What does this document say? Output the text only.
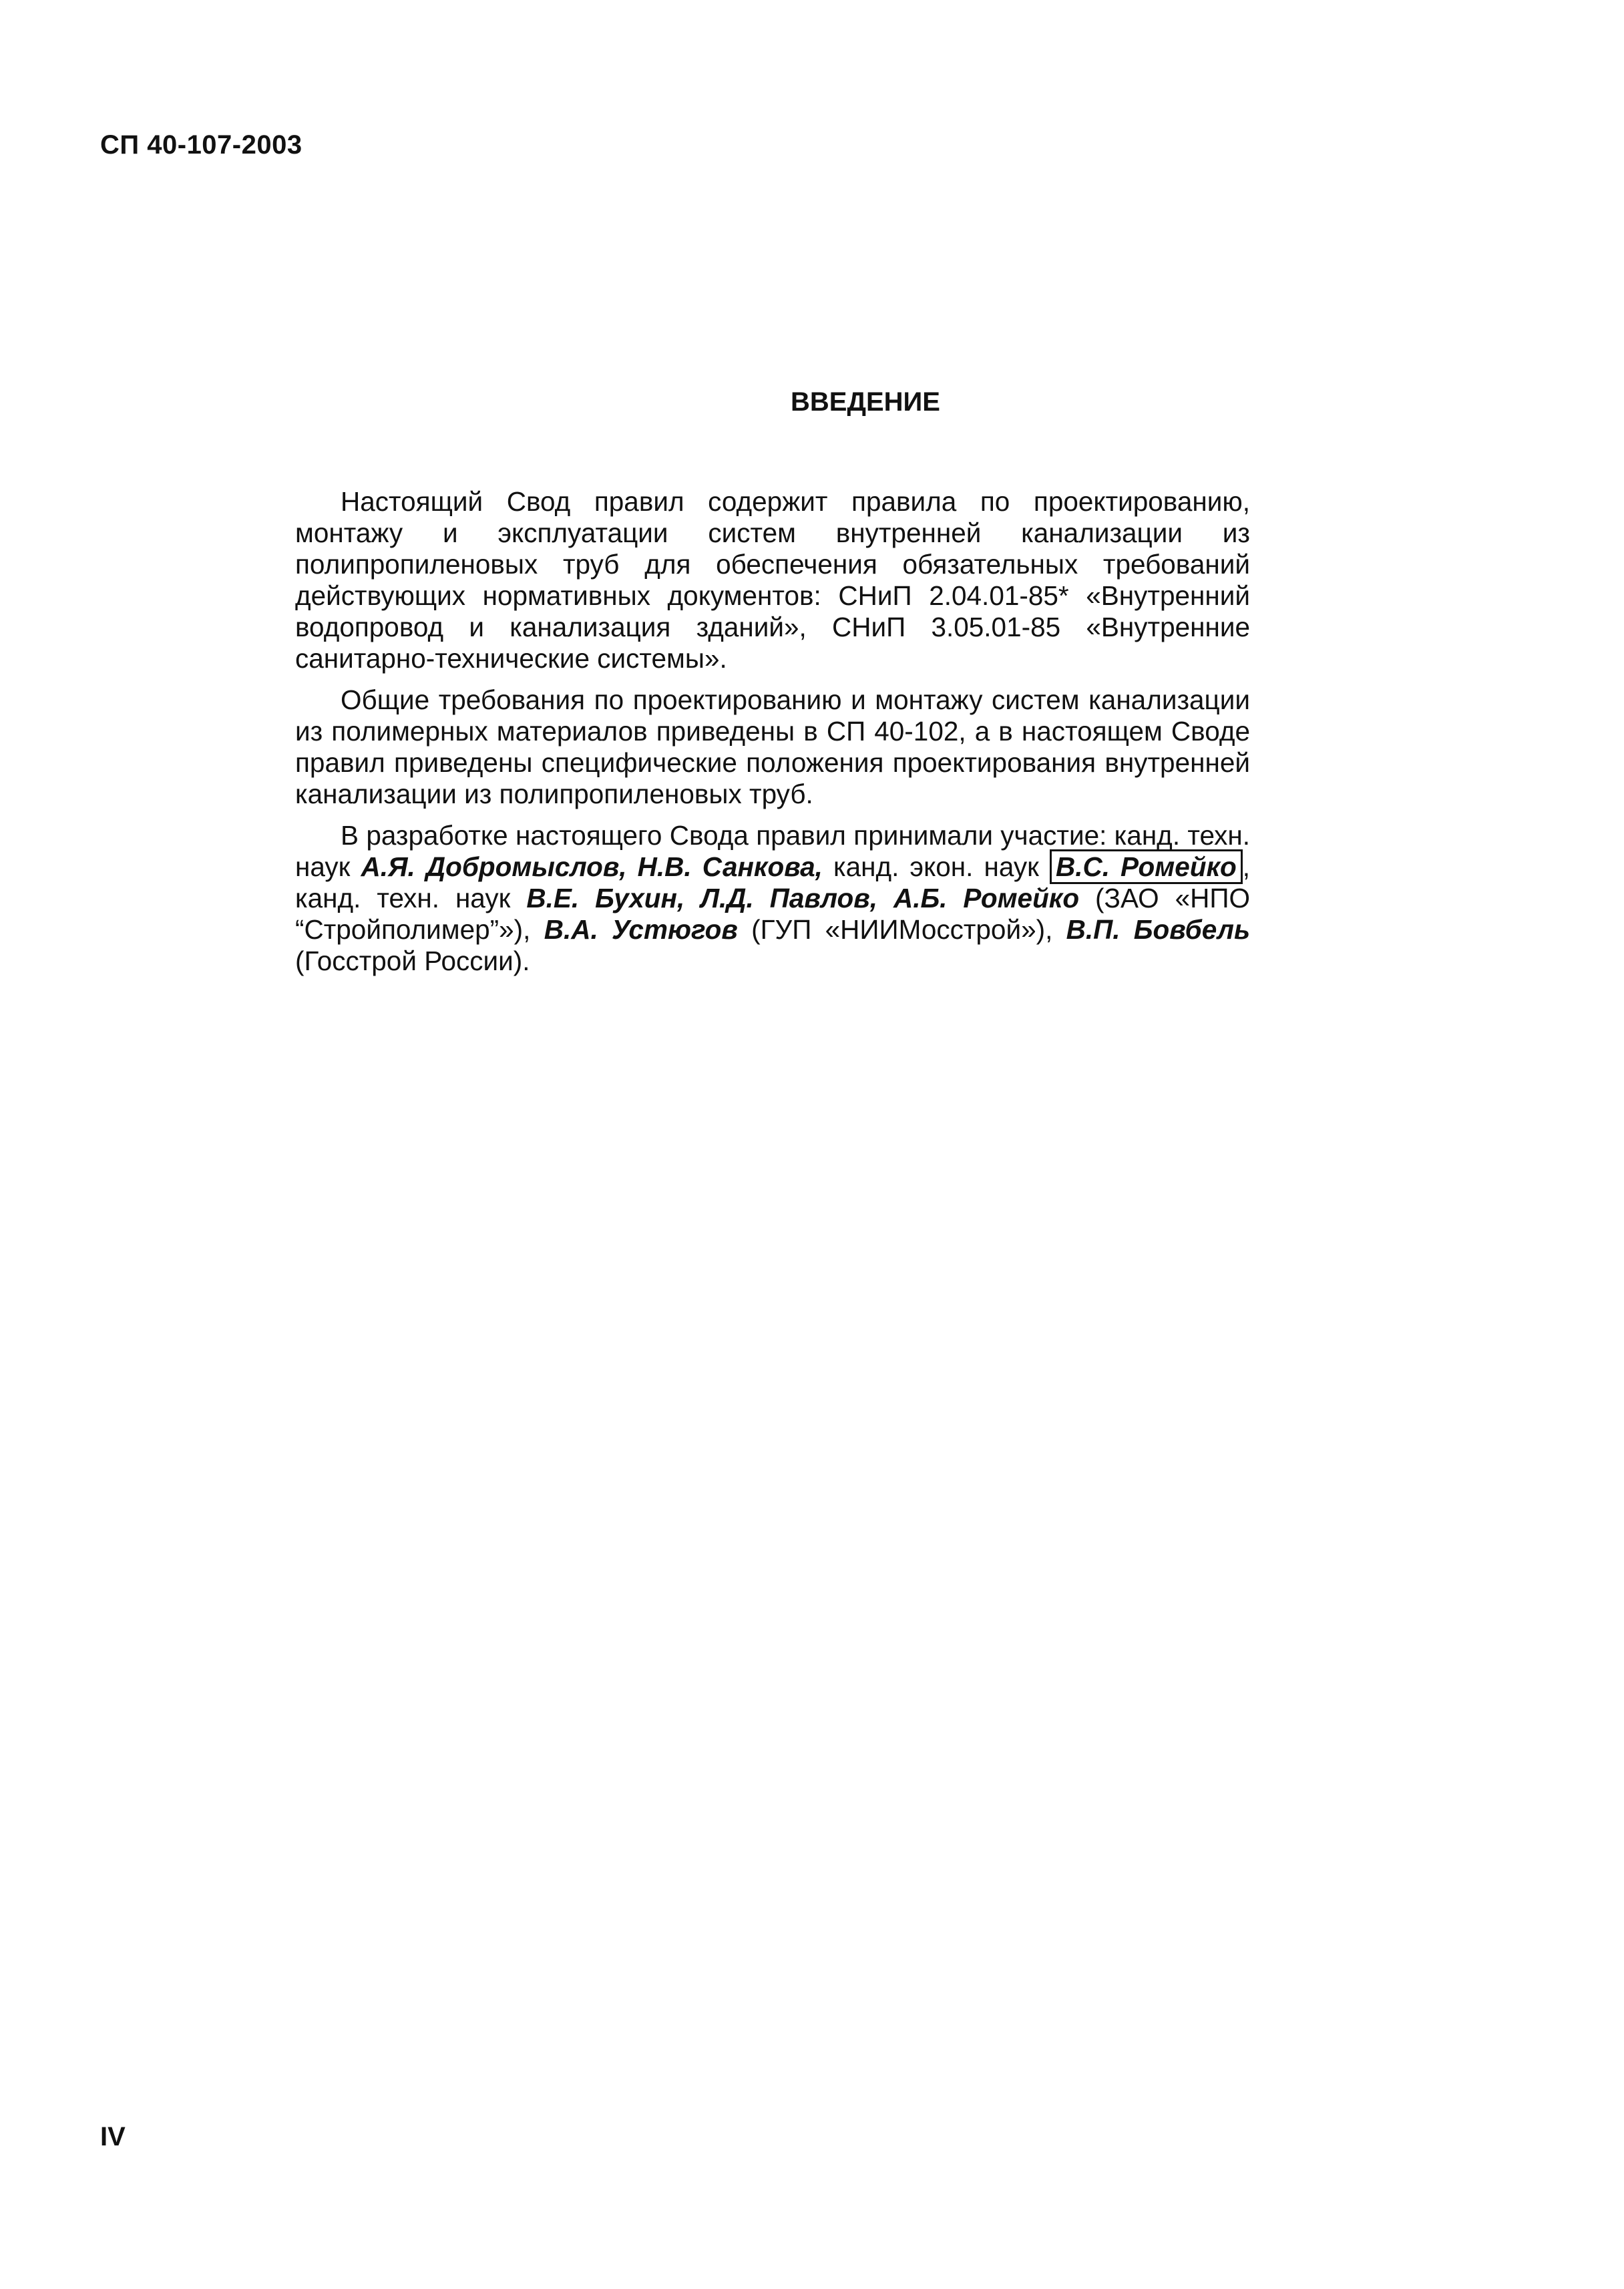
СП 40-107-2003
ВВЕДЕНИЕ

Настоящий Свод правил содержит правила по проектированию, монтажу и эксплуатации систем внутренней канализации из полипропиленовых труб для обеспечения обязательных требований действующих нормативных документов: СНиП 2.04.01-85* «Внутренний водопровод и канализация зданий», СНиП 3.05.01-85 «Внутренние санитарно-технические системы».

Общие требования по проектированию и монтажу систем канализации из полимерных материалов приведены в СП 40-102, а в настоящем Своде правил приведены специфические положения проектирования внутренней канализации из полипропиленовых труб.

В разработке настоящего Свода правил принимали участие: канд. техн. наук А.Я. Добромыслов, Н.В. Санкова, канд. экон. наук В.С. Ромейко , канд. техн. наук В.Е. Бухин, Л.Д. Павлов, А.Б. Ромейко (ЗАО «НПО “Стройполимер”»), В.А. Устюгов (ГУП «НИИМосстрой»), В.П. Бовбель (Госстрой России).

IV
